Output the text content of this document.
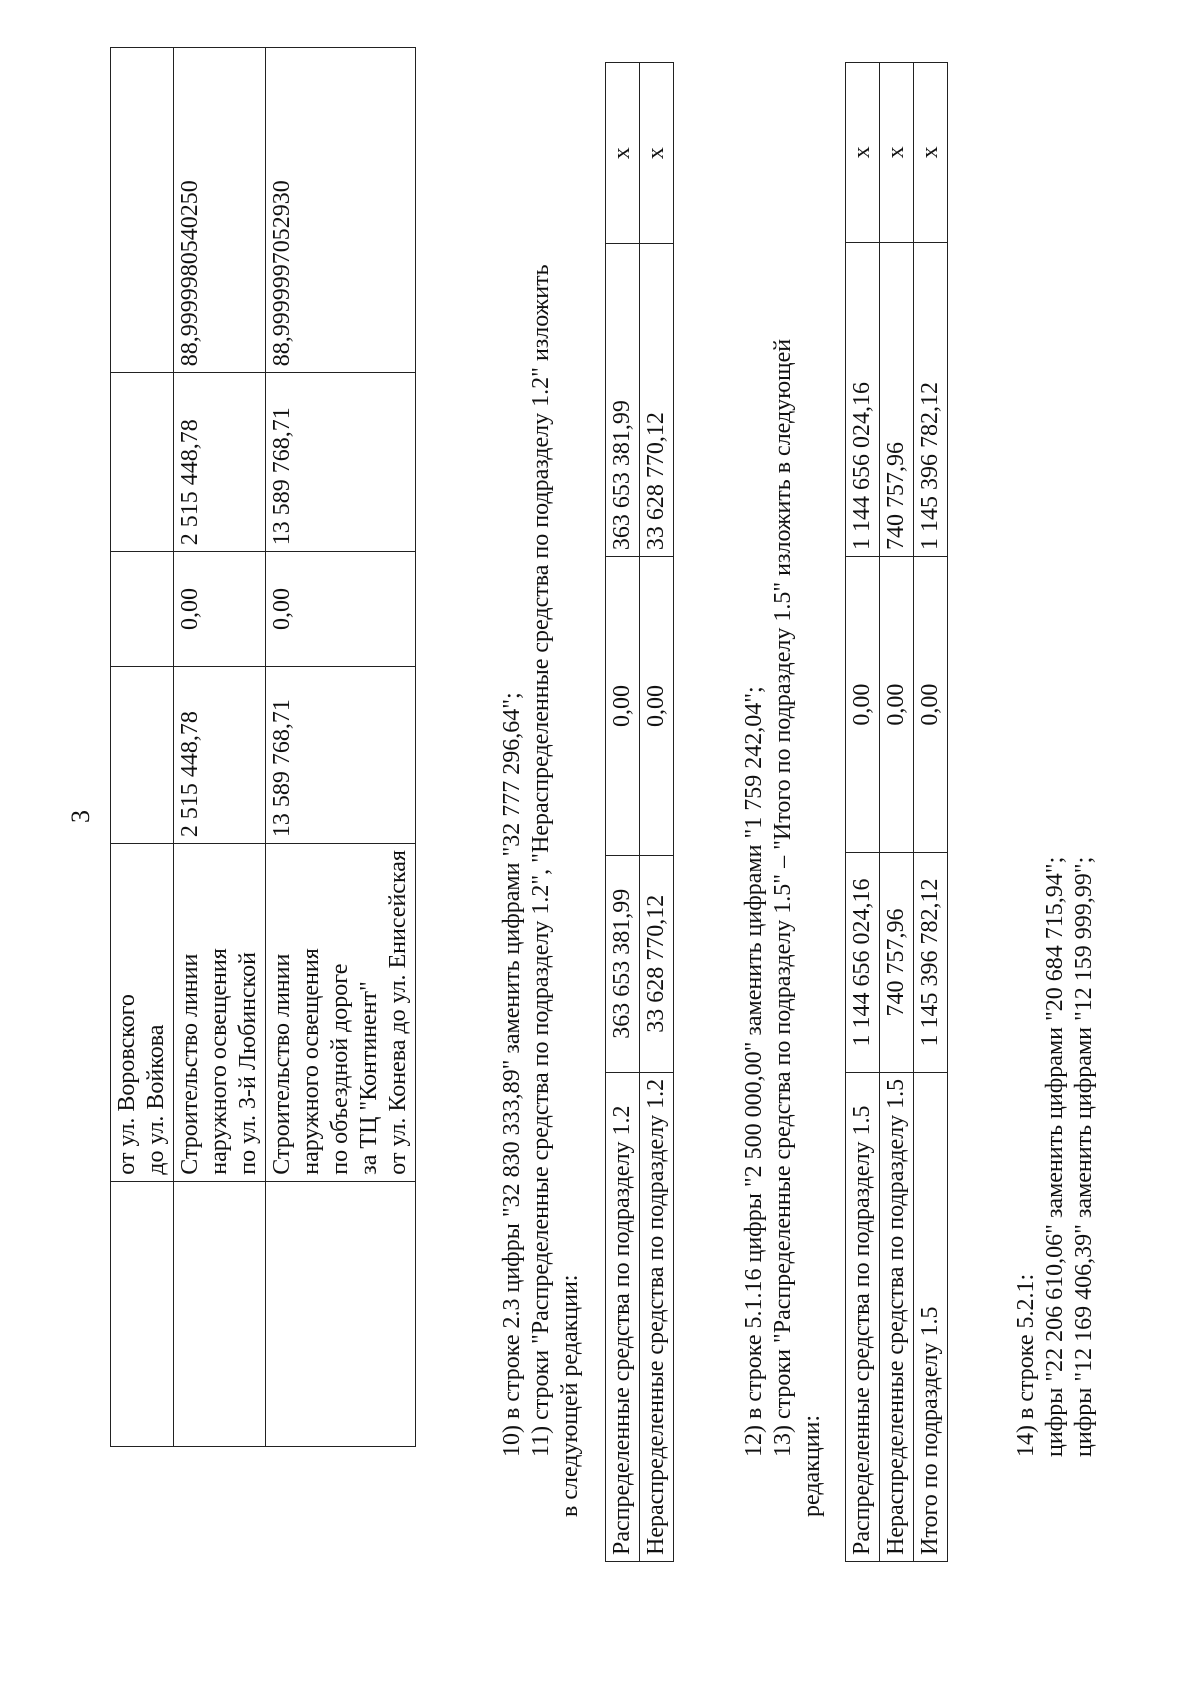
3

	от ул. Воровского до ул. Войкова				

	Строительство линии наружного освещения по ул. 3-й Любинской	2 515 448,78	0,00	2 515 448,78	88,9999980540250

	Строительство линии наружного освещения по объездной дороге за ТЦ "Континент" от ул. Конева до ул. Енисейская	13 589 768,71	0,00	13 589 768,71	88,9999997052930
10) в строке 2.3 цифры "32 830 333,89" заменить цифрами "32 777 296,64"; 11) строки "Распределенные средства по подразделу 1.2", "Нераспределенные средства по подразделу 1.2" изложить в следующей редакции: Распределенные средства по подразделу 1.2	363 653 381,99	0,00	363 653 381,99	x
Нераспределенные средства по подразделу 1.2	33 628 770,12	0,00	33 628 770,12	x
12) в строке 5.1.16 цифры "2 500 000,00" заменить цифрами "1 759 242,04"; 13) строки "Распределенные средства по подразделу 1.5" – "Итого по подразделу 1.5" изложить в следующей
редакции: Распределенные средства по подразделу 1.5	1 144 656 024,16	0,00	1 144 656 024,16	x
Нераспределенные средства по подразделу 1.5	740 757,96	0,00	740 757,96	x
Итого по подразделу 1.5	1 145 396 782,12	0,00	1 145 396 782,12	x
14) в строке 5.2.1: цифры "22 206 610,06" заменить цифрами "20 684 715,94"; цифры "12 169 406,39" заменить цифрами "12 159 999,99";
